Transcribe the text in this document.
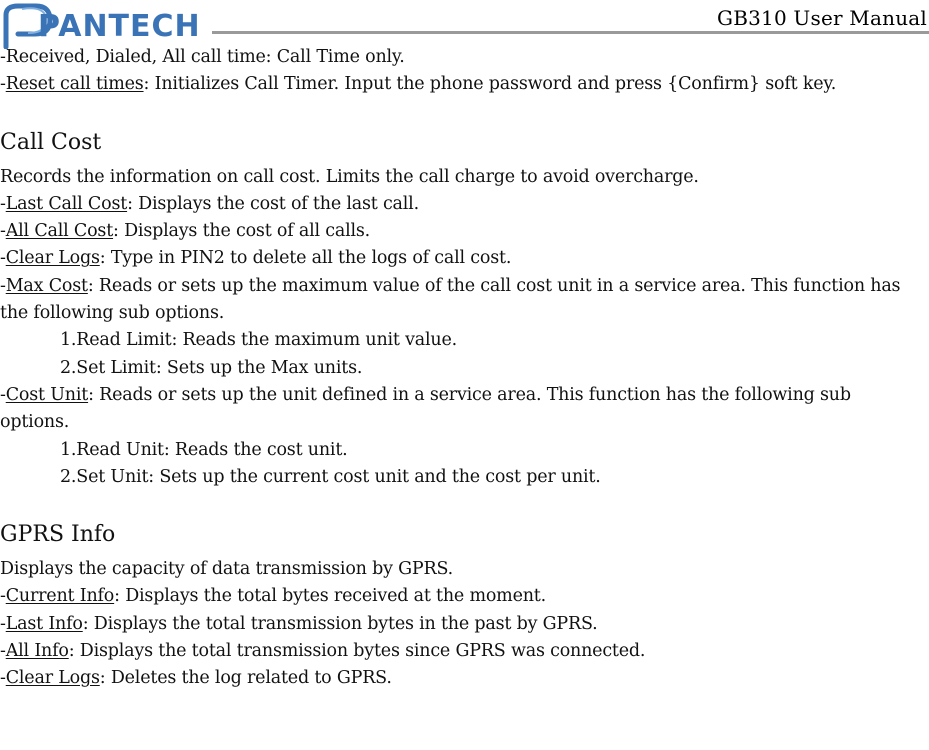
PANTECH	GB310 User Manual
-Received, Dialed, All call time: Call Time only.
-Reset call times: Initializes Call Timer. Input the phone password and press {Confirm} soft key.
Call Cost
Records the information on call cost. Limits the call charge to avoid overcharge.
-Last Call Cost: Displays the cost of the last call.
-All Call Cost: Displays the cost of all calls.
-Clear Logs: Type in PIN2 to delete all the logs of call cost.
-Max Cost: Reads or sets up the maximum value of the call cost unit in a service area. This function has the following sub options.
1.Read Limit: Reads the maximum unit value.
2.Set Limit: Sets up the Max units.
-Cost Unit: Reads or sets up the unit defined in a service area. This function has the following sub options.
1.Read Unit: Reads the cost unit.
2.Set Unit: Sets up the current cost unit and the cost per unit.
GPRS Info
Displays the capacity of data transmission by GPRS.
-Current Info: Displays the total bytes received at the moment.
-Last Info: Displays the total transmission bytes in the past by GPRS.
-All Info: Displays the total transmission bytes since GPRS was connected.
-Clear Logs: Deletes the log related to GPRS.
